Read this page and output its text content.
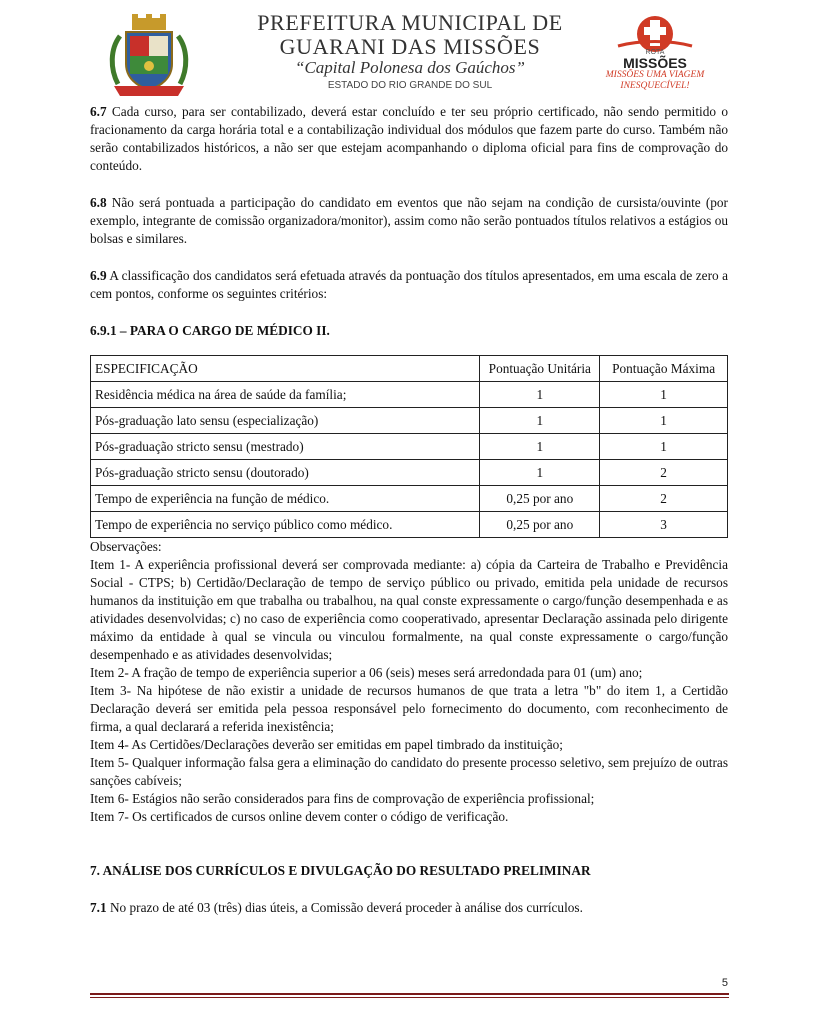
PREFEITURA MUNICIPAL DE
GUARANI DAS MISSÕES
“Capital Polonesa dos Gaúchos”
ESTADO DO RIO GRANDE DO SUL
ROTA
MISSÕES
MISSÕES UMA VIAGEM
INESQUECÍVEL!

6.7 Cada curso, para ser contabilizado, deverá estar concluído e ter seu próprio certificado, não sendo permitido o fracionamento da carga horária total e a contabilização individual dos módulos que fazem parte do curso. Também não serão contabilizados históricos, a não ser que estejam acompanhando o diploma oficial para fins de comprovação do conteúdo.

6.8 Não será pontuada a participação do candidato em eventos que não sejam na condição de cursista/ouvinte (por exemplo, integrante de comissão organizadora/monitor), assim como não serão pontuados títulos relativos a estágios ou bolsas e similares.

6.9 A classificação dos candidatos será efetuada através da pontuação dos títulos apresentados, em uma escala de zero a cem pontos, conforme os seguintes critérios:

6.9.1 – PARA O CARGO DE MÉDICO II.

ESPECIFICAÇÃO	Pontuação Unitária	Pontuação Máxima
Residência médica na área de saúde da família;	1	1
Pós-graduação lato sensu (especialização)	1	1
Pós-graduação stricto sensu (mestrado)	1	1
Pós-graduação stricto sensu (doutorado)	1	2
Tempo de experiência na função de médico.	0,25 por ano	2
Tempo de experiência no serviço público como médico.	0,25 por ano	3

Observações:

Item 1- A experiência profissional deverá ser comprovada mediante: a) cópia da Carteira de Trabalho e Previdência Social - CTPS; b) Certidão/Declaração de tempo de serviço público ou privado, emitida pela unidade de recursos humanos da instituição em que trabalha ou trabalhou, na qual conste expressamente o cargo/função desempenhada e as atividades desenvolvidas; c) no caso de experiência como cooperativado, apresentar Declaração assinada pelo dirigente máximo da entidade à qual se vincula ou vinculou formalmente, na qual conste expressamente o cargo/função desempenhado e as atividades desenvolvidas;

Item 2- A fração de tempo de experiência superior a 06 (seis) meses será arredondada para 01 (um) ano;

Item 3- Na hipótese de não existir a unidade de recursos humanos de que trata a letra "b" do item 1, a Certidão Declaração deverá ser emitida pela pessoa responsável pelo fornecimento do documento, com reconhecimento de firma, a qual declarará a referida inexistência;

Item 4- As Certidões/Declarações deverão ser emitidas em papel timbrado da instituição;

Item 5- Qualquer informação falsa gera a eliminação do candidato do presente processo seletivo, sem prejuízo de outras sanções cabíveis;

Item 6- Estágios não serão considerados para fins de comprovação de experiência profissional;

Item 7- Os certificados de cursos online devem conter o código de verificação.

7. ANÁLISE DOS CURRÍCULOS E DIVULGAÇÃO DO RESULTADO PRELIMINAR

7.1 No prazo de até 03 (três) dias úteis, a Comissão deverá proceder à análise dos currículos.

5
